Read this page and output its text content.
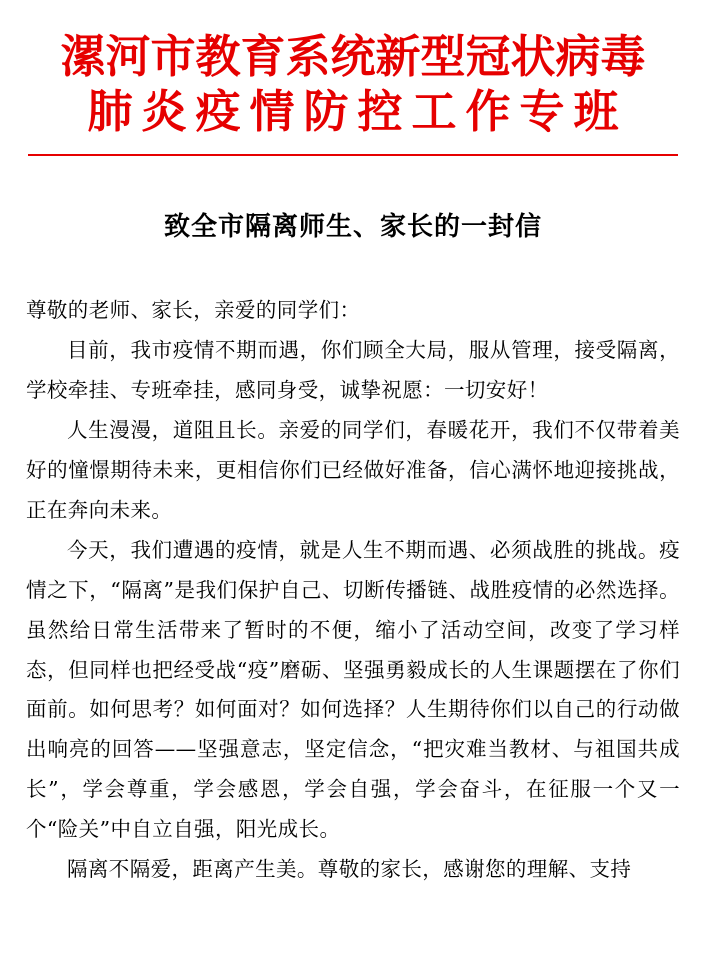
漯河市教育系统新型冠状病毒
肺炎疫情防控工作专班
致全市隔离师生、家长的一封信

尊敬的老师、家长，亲爱的同学们：

目前，我市疫情不期而遇，你们顾全大局，服从管理，接受隔离，学校牵挂、专班牵挂，感同身受，诚挚祝愿：一切安好！

人生漫漫，道阻且长。亲爱的同学们，春暖花开，我们不仅带着美好的憧憬期待未来，更相信你们已经做好准备，信心满怀地迎接挑战，正在奔向未来。

今天，我们遭遇的疫情，就是人生不期而遇、必须战胜的挑战。疫情之下，“隔离”是我们保护自己、切断传播链、战胜疫情的必然选择。虽然给日常生活带来了暂时的不便，缩小了活动空间，改变了学习样态，但同样也把经受战“疫”磨砺、坚强勇毅成长的人生课题摆在了你们面前。如何思考？如何面对？如何选择？人生期待你们以自己的行动做出响亮的回答——坚强意志，坚定信念，“把灾难当教材、与祖国共成长”，学会尊重，学会感恩，学会自强，学会奋斗，在征服一个又一个“险关”中自立自强，阳光成长。

隔离不隔爱，距离产生美。尊敬的家长，感谢您的理解、支持
